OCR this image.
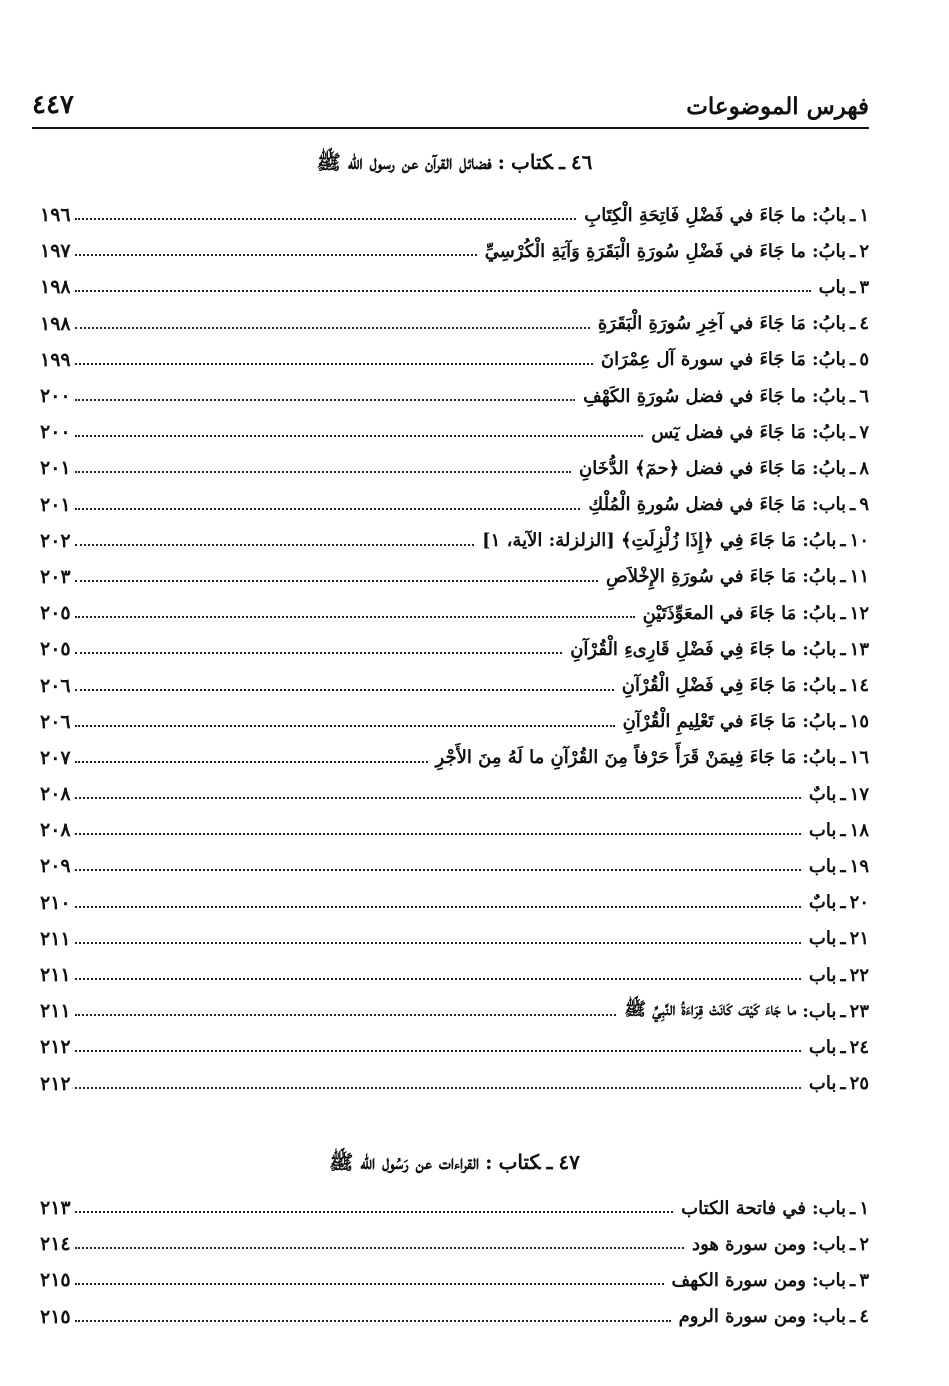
فهرس الموضوعات
٤٤٧
٤٦ـكتاب:فضائل القرآن عن رسول الله ﷺ
١
ـ
بابُ
:
ما جَاءَ في فَضْلِ فَاتِحَةِ الْكِتَابِ
١٩٦
٢
ـ
بابُ
:
ما جَاءَ في فَضْلِ سُورَةِ الْبَقَرَةِ وَآيَةِ الْكُرْسِيِّ
١٩٧
٣
ـ
باب
١٩٨
٤
ـ
بابُ
:
مَا جَاءَ في آخِرِ سُورَةِ الْبَقَرَةِ
١٩٨
٥
ـ
بابُ
:
مَا جَاءَ في سورة آل عِمْرَانَ
١٩٩
٦
ـ
بابُ
:
ما جَاءَ في فضل سُورَةِ الكَهْفِ
٢٠٠
٧
ـ
بابُ
:
مَا جَاءَ في فضل يٓس
٢٠٠
٨
ـ
بابُ
:
مَا جَاءَ في فضل ﴿حمٓ﴾ الدُّخَانِ
٢٠١
٩
ـ
باب
:
مَا جَاءَ في فضل سُورةِ الْمُلْكِ
٢٠١
١٠
ـ
بابُ
:
مَا جَاءَ فِي ﴿إِذَا زُلْزِلَتِ﴾ [الزلزلة: الآية، ١]
٢٠٢
١١
ـ
بابُ
:
مَا جَاءَ في سُورَةِ الإِخْلاَصِ
٢٠٣
١٢
ـ
بابُ
:
مَا جَاءَ في المعَوِّذَتَيْنِ
٢٠٥
١٣
ـ
بابُ
:
ما جَاءَ فِي فَضْلِ قَارِىءِ الْقُرْآنِ
٢٠٥
١٤
ـ
بابُ
:
مَا جَاءَ فِي فَضْلِ الْقُرْآنِ
٢٠٦
١٥
ـ
بابُ
:
مَا جَاءَ في تَعْلِيمِ الْقُرْآنِ
٢٠٦
١٦
ـ
بابُ
:
مَا جَاءَ فِيمَنْ قَرَأَ حَرْفاً مِنَ القُرْآنِ ما لَهُ مِنَ الأَجْرِ
٢٠٧
١٧
ـ
بابٌ
٢٠٨
١٨
ـ
باب
٢٠٨
١٩
ـ
باب
٢٠٩
٢٠
ـ
بابٌ
٢١٠
٢١
ـ
باب
٢١١
٢٢
ـ
باب
٢١١
٢٣
ـ
باب
:
ما جَاءَ كَيْفَ كَانَتْ قِرَاءَةُ النَّبِيِّ ﷺ
٢١١
٢٤
ـ
باب
٢١٢
٢٥
ـ
باب
٢١٢
٤٧ـكتاب:القراءات عن رَسُول الله ﷺ
١
ـ
باب
:
في فاتحة الكتاب
٢١٣
٢
ـ
باب
:
ومن سورة هود
٢١٤
٣
ـ
باب
:
ومن سورة الكهف
٢١٥
٤
ـ
باب
:
ومن سورة الروم
٢١٥
